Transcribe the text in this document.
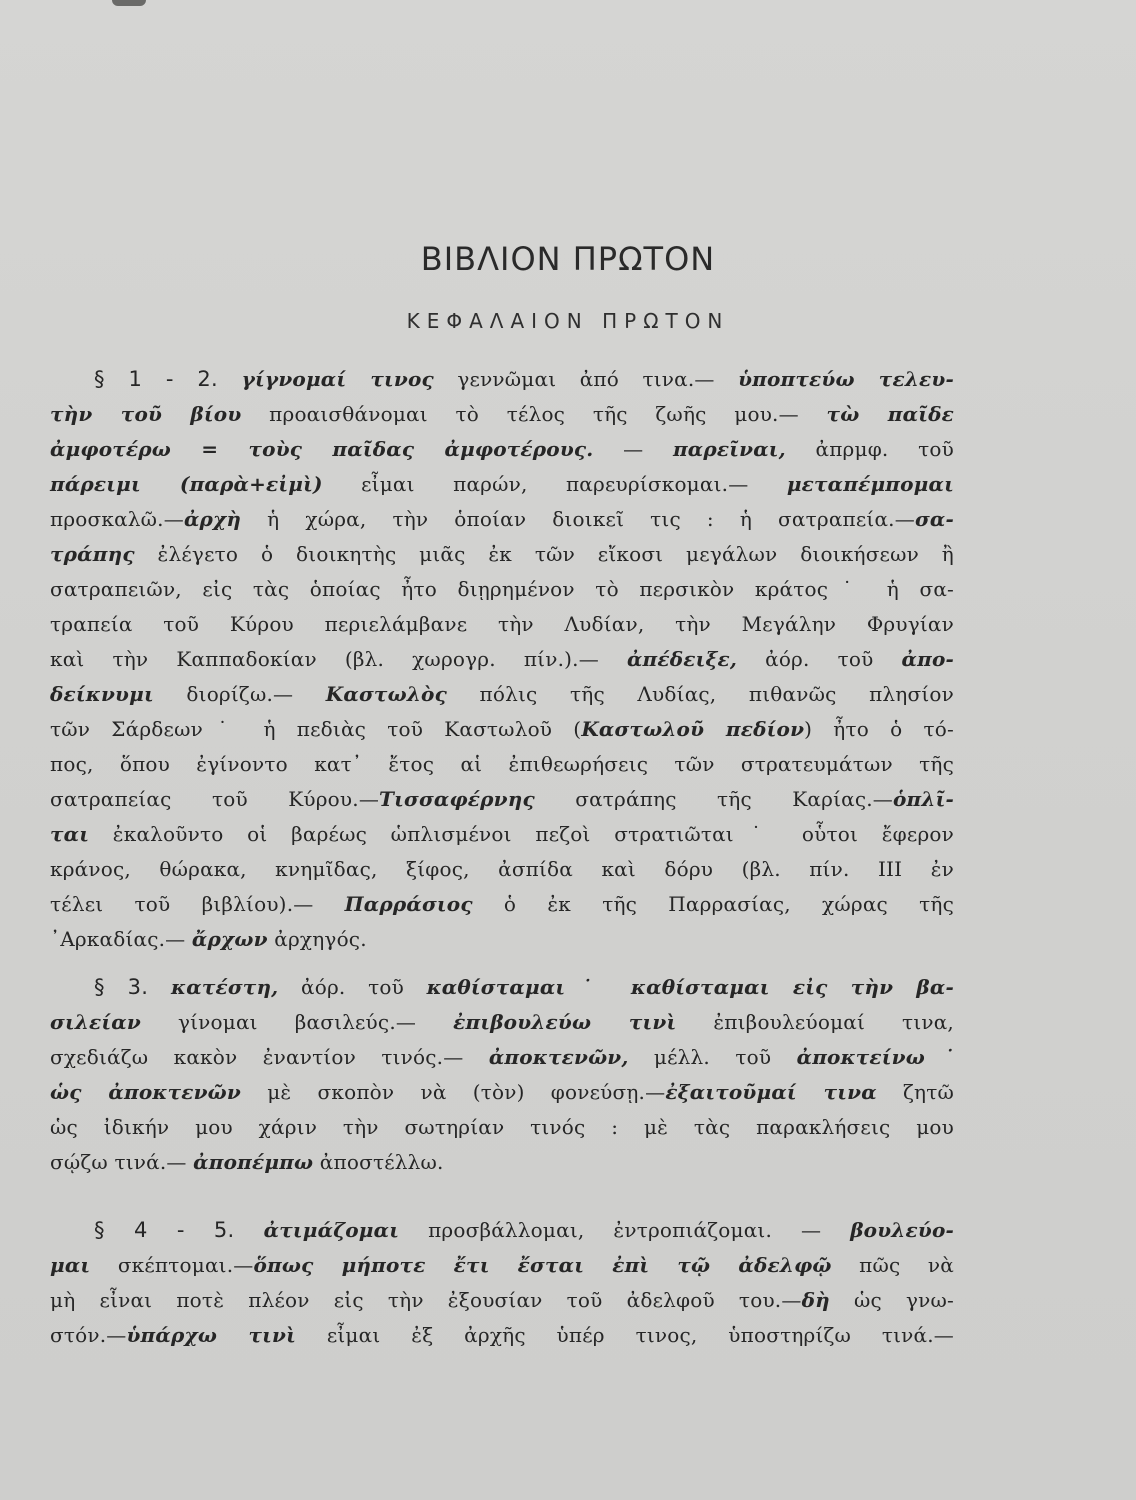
ΒΙΒΛΙΟΝ ΠΡΩΤΟΝ
ΚΕΦΑΛΑΙΟΝ ΠΡΩΤΟΝ
§ 1 - 2. γίγνομαί τινος γεννῶμαι ἀπό τινα.— ὑποπτεύω τελευ-
τὴν τοῦ βίου προαισθάνομαι τὸ τέλος τῆς ζωῆς μου.— τὼ παῖδε
ἀμφοτέρω = τοὺς παῖδας ἀμφοτέρους. — παρεῖναι, ἀπρμφ. τοῦ
πάρειμι (παρὰ+εἰμὶ) εἶμαι παρών, παρευρίσκομαι.— μεταπέμπομαι
προσκαλῶ.—ἀρχὴ ἡ χώρα, τὴν ὁποίαν διοικεῖ τις : ἡ σατραπεία.—σα-
τράπης ἐλέγετο ὁ διοικητὴς μιᾶς ἐκ τῶν εἴκοσι μεγάλων διοικήσεων ἢ
σατραπειῶν, εἰς τὰς ὁποίας ἦτο διῃρημένον τὸ περσικὸν κράτος˙ ἡ σα-
τραπεία τοῦ Κύρου περιελάμβανε τὴν Λυδίαν, τὴν Μεγάλην Φρυγίαν
καὶ τὴν Καππαδοκίαν (βλ. χωρογρ. πίν.).— ἀπέδειξε, ἀόρ. τοῦ ἀπο-
δείκνυμι διορίζω.— Καστωλὸς πόλις τῆς Λυδίας, πιθανῶς πλησίον
τῶν Σάρδεων˙ ἡ πεδιὰς τοῦ Καστωλοῦ (Καστωλοῦ πεδίον) ἦτο ὁ τό-
πος, ὅπου ἐγίνοντο κατ᾽ ἔτος αἱ ἐπιθεωρήσεις τῶν στρατευμάτων τῆς
σατραπείας τοῦ Κύρου.—Τισσαφέρνης σατράπης τῆς Καρίας.—ὁπλῖ-
ται ἐκαλοῦντο οἱ βαρέως ὡπλισμένοι πεζοὶ στρατιῶται˙ οὗτοι ἔφερον
κράνος, θώρακα, κνημῖδας, ξίφος, ἀσπίδα καὶ δόρυ (βλ. πίν. III ἐν
τέλει τοῦ βιβλίου).— Παρράσιος ὁ ἐκ τῆς Παρρασίας, χώρας τῆς
᾽Αρκαδίας.— ἄρχων ἀρχηγός.
§ 3. κατέστη, ἀόρ. τοῦ καθίσταμαι˙ καθίσταμαι εἰς τὴν βα-
σιλείαν γίνομαι βασιλεύς.— ἐπιβουλεύω τινὶ ἐπιβουλεύομαί τινα,
σχεδιάζω κακὸν ἐναντίον τινός.— ἀποκτενῶν, μέλλ. τοῦ ἀποκτείνω˙
ὡς ἀποκτενῶν μὲ σκοπὸν νὰ (τὸν) φονεύσῃ.—ἐξαιτοῦμαί τινα ζητῶ
ὡς ἰδικήν μου χάριν τὴν σωτηρίαν τινός : μὲ τὰς παρακλήσεις μου
σῴζω τινά.— ἀποπέμπω ἀποστέλλω.
§ 4 - 5. ἀτιμάζομαι προσβάλλομαι, ἐντροπιάζομαι. — βουλεύο-
μαι σκέπτομαι.—ὅπως μήποτε ἔτι ἔσται ἐπὶ τῷ ἀδελφῷ πῶς νὰ
μὴ εἶναι ποτὲ πλέον εἰς τὴν ἐξουσίαν τοῦ ἀδελφοῦ του.—δὴ ὡς γνω-
στόν.—ὑπάρχω τινὶ εἶμαι ἐξ ἀρχῆς ὑπέρ τινος, ὑποστηρίζω τινά.—
